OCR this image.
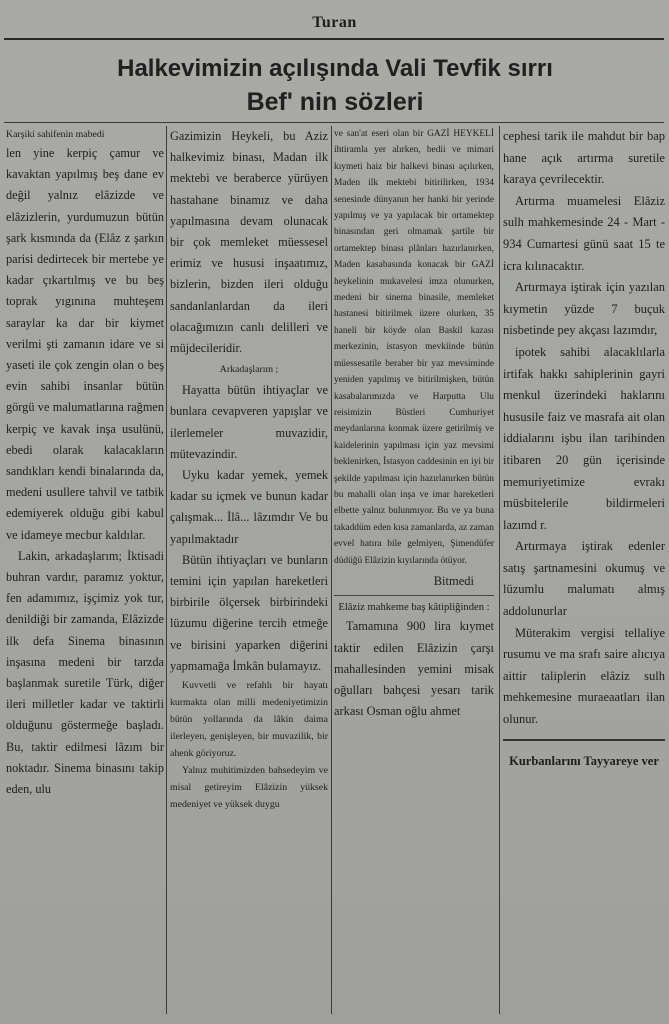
Turan
Halkevimizin açılışında Vali Tevfik sırrı
Bef' nin sözleri

Karşiki sahifenin mabedi

len yine kerpiç çamur ve kavaktan yapılmış beş dane ev değil yalnız elâzizde ve elâzizlerin, yurdumuzun bütün şark kısmında da (Elâz z şarkın parisi dedirtecek bir mertebe ye kadar çıkartılmış ve bu beş toprak yıgınına muhteşem saraylar ka dar bir kiymet verilmi şti zamanın idare ve si yaseti ile çok zengin olan o beş evin sahibi insanlar bütün görgü ve malumatlarına rağmen kerpiç ve kavak inşa usulünü, ebedi olarak kalacakların sandıkları kendi binalarında da, medeni usullere tahvil ve tatbik edemiyerek olduğu gibi kabul ve idameye mecbur kaldılar.

Lakin, arkadaşlarım; İktisadi buhran vardır, paramız yoktur, fen adamımız, işçimiz yok tur, denildiği bir zamanda, Elâzizde ilk defa Sinema binasının inşasına medeni bir tarzda başlanmak suretile Türk, diğer ileri milletler kadar ve taktirli olduğunu göstermeğe başladı. Bu, taktir edilmesi lâzım bir noktadır. Sinema binasını takip eden, ulu

Gazimizin Heykeli, bu Aziz halkevimiz binası, Madan ilk mektebi ve beraberce yürüyen hastahane binamız ve daha yapılmasına devam olunacak bir çok memleket müessesel erimiz ve hususi inşaatımız, bizlerin, bizden ileri olduğu sandanlanlardan da ileri olacağımızın canlı delilleri ve müjdecileridir.

Arkadaşlarım ;

Hayatta bütün ihtiyaçlar ve bunlara cevapveren yapışlar ve ilerlemeler muvazidir, mütevazindir.

Uyku kadar yemek, yemek kadar su içmek ve bunun kadar çalışmak... İlâ... lâzımdır Ve bu yapılmaktadır

Bütün ihtiyaçları ve bunların temini için yapılan hareketleri birbirile ölçersek birbirindeki lüzumu diğerine tercih etmeğe ve birisini yaparken diğerini yapmamağa İmkân bulamayız.

Kuvvetli ve refahlı bir hayatı kurmakta olan milli medeniyetimizin bütün yollarında da lâkin daima ilerleyen, genişleyen, bir muvazilik, bir ahenk göriyoruz.

Yalnız muhitimizden bahsedeyim ve misal getireyim Elâzizin yüksek medeniyet ve yüksek duygu

ve san'at eseri olan bir GAZİ HEYKELİ ihtiramla yer alırken, bedii ve mimari kıymeti haiz bir halkevi binası açılırken, Maden ilk mektebi bitirilirken, 1934 senesinde dünyanın her hanki bir yerinde yapılmış ve ya yapılacak bir ortamektep binasından geri olmamak şartile bir ortamektep binası plânları hazırlanırken, Maden kasabasında konacak bir GAZİ heykelinin mukavelesi imza olunurken, medeni bir sinema binasile, memleket hastanesi bitirilmek üzere olurken, 35 haneli bir köyde olan Baskil kazası merkezinin, istasyon mevkiinde bütün müessesatile beraber bir yaz mevsiminde yeniden yapılmış ve bitirilmişken, bütün kasabalarımızda ve Harputta Ulu reisimizin Büstleri Cumhuriyet meydanlarına konmak üzere getirilmiş ve kaidelerinin yapılması için yaz mevsimi beklenirken, İstasyon caddesinin en iyi bir şekilde yapılması için hazırlanırken bütün bu mahalli olan inşa ve imar hareketleri elbette yalnız bulunmıyor. Bu ve ya buna takaddüm eden kısa zamanlarda, az zaman evvel hatıra bile gelmiyen, Şimendüfer düdüğü Elâzizin kıyılarında ötüyor.

Bitmedi

Elâziz mahkeme baş kâtipliğinden :

Tamamına 900 lira kıymet taktir edilen Elâzizin çarşı mahallesinden yemini misak oğulları bahçesi yesarı tarik arkası Osman oğlu ahmet

cephesi tarik ile mahdut bir bap hane açık artırma suretile karaya çevrilecektir.

Artırma muamelesi Elâziz sulh mahkemesinde 24 - Mart - 934 Cumartesi günü saat 15 te icra kılınacaktır.

Artırmaya iştirak için yazılan kıymetin yüzde 7 buçuk nisbetinde pey akçası lazımdır,

ipotek sahibi alacaklılarla irtifak hakkı sahiplerinin gayri menkul üzerindeki haklarını hususile faiz ve masrafa ait olan iddialarını işbu ilan tarihinden itibaren 20 gün içerisinde memuriyetimize evrakı müsbitelerile bildirmeleri lazımd r.

Artırmaya iştirak edenler satış şartnamesini okumuş ve lüzumlu malumatı almış addolunurlar

Müterakim vergisi tellaliye rusumu ve ma srafı saire alıcıya aittir taliplerin elâziz sulh mehkemesine muraeaatları ilan olunur.

Kurbanlarını Tayyareye ver
